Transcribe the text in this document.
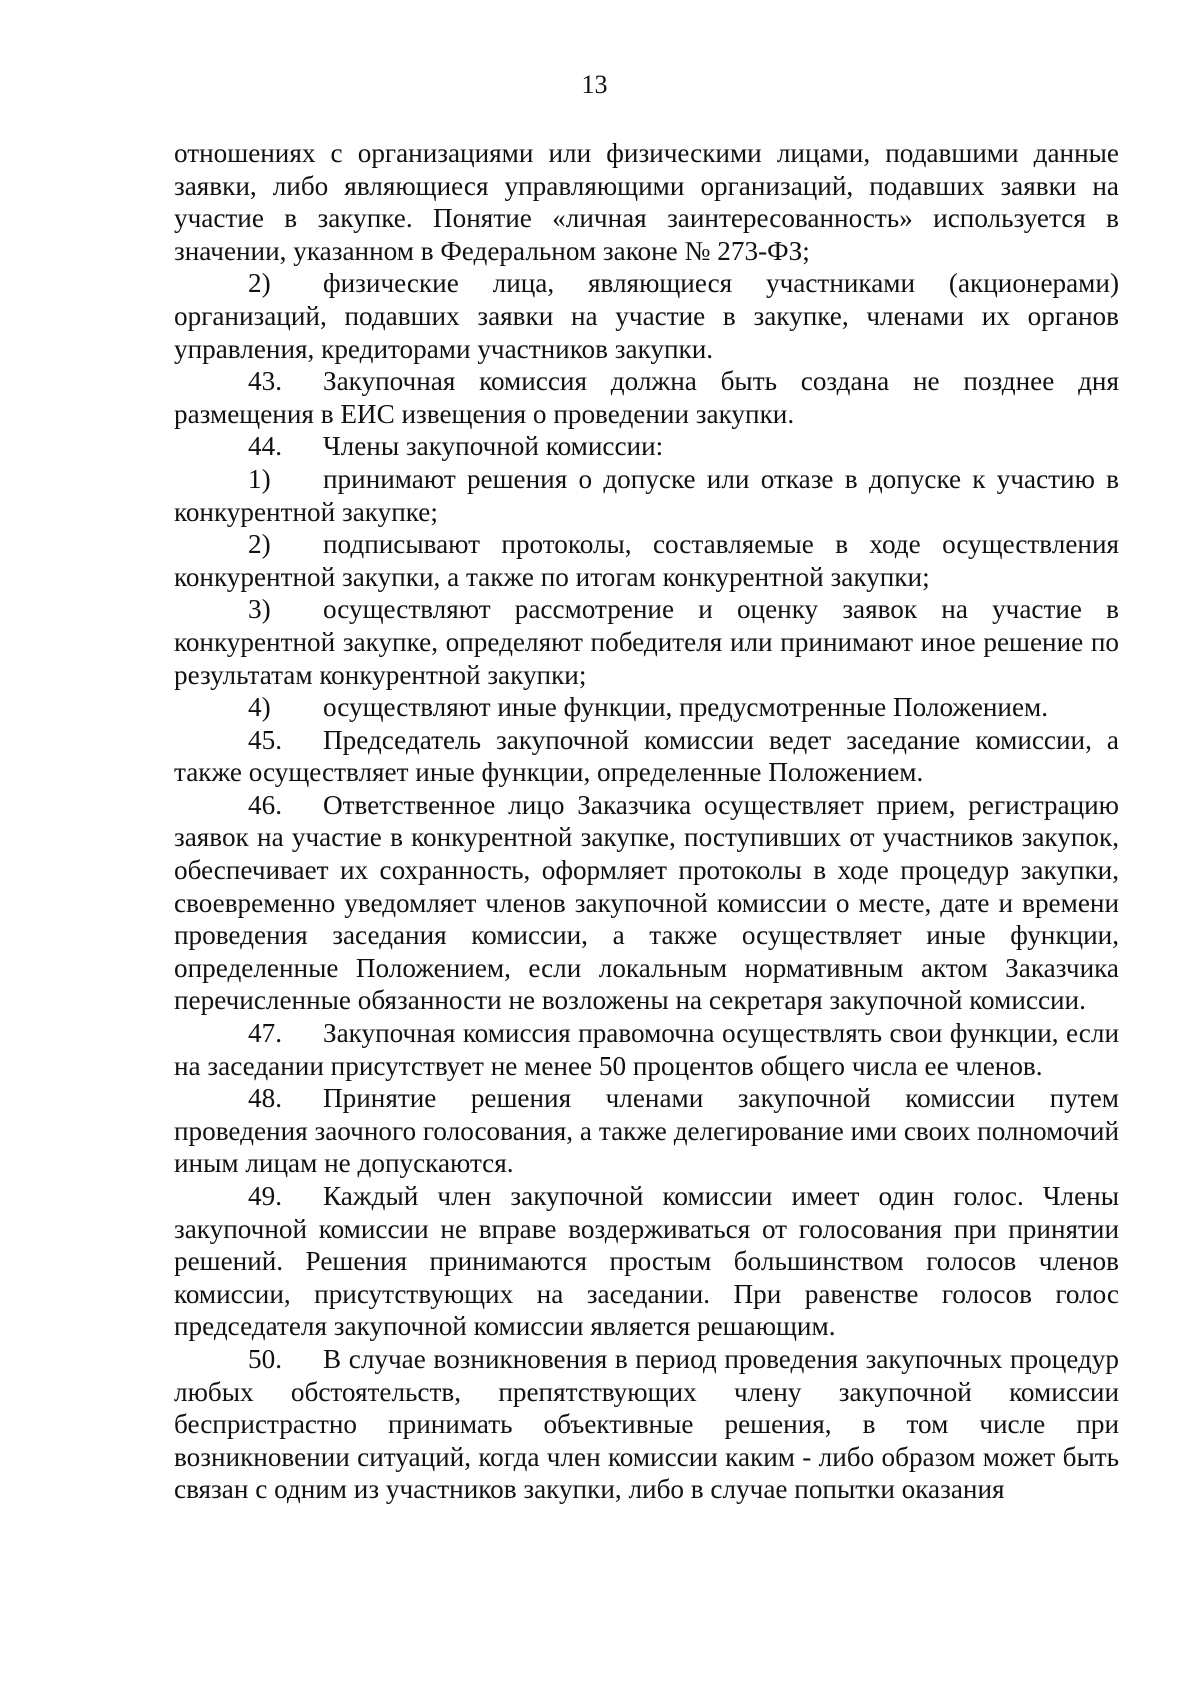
13

отношениях с организациями или физическими лицами, подавшими данные заявки, либо являющиеся управляющими организаций, подавших заявки на участие в закупке. Понятие «личная заинтересованность» используется в значении, указанном в Федеральном законе № 273-ФЗ;

2) физические лица, являющиеся участниками (акционерами) организаций, подавших заявки на участие в закупке, членами их органов управления, кредиторами участников закупки.

43. Закупочная комиссия должна быть создана не позднее дня размещения в ЕИС извещения о проведении закупки.

44. Члены закупочной комиссии:

1) принимают решения о допуске или отказе в допуске к участию в конкурентной закупке;

2) подписывают протоколы, составляемые в ходе осуществления конкурентной закупки, а также по итогам конкурентной закупки;

3) осуществляют рассмотрение и оценку заявок на участие в конкурентной закупке, определяют победителя или принимают иное решение по результатам конкурентной закупки;

4) осуществляют иные функции, предусмотренные Положением.

45. Председатель закупочной комиссии ведет заседание комиссии, а также осуществляет иные функции, определенные Положением.

46. Ответственное лицо Заказчика осуществляет прием, регистрацию заявок на участие в конкурентной закупке, поступивших от участников закупок, обеспечивает их сохранность, оформляет протоколы в ходе процедур закупки, своевременно уведомляет членов закупочной комиссии о месте, дате и времени проведения заседания комиссии, а также осуществляет иные функции, определенные Положением, если локальным нормативным актом Заказчика перечисленные обязанности не возложены на секретаря закупочной комиссии.

47. Закупочная комиссия правомочна осуществлять свои функции, если на заседании присутствует не менее 50 процентов общего числа ее членов.

48. Принятие решения членами закупочной комиссии путем проведения заочного голосования, а также делегирование ими своих полномочий иным лицам не допускаются.

49. Каждый член закупочной комиссии имеет один голос. Члены закупочной комиссии не вправе воздерживаться от голосования при принятии решений. Решения принимаются простым большинством голосов членов комиссии, присутствующих на заседании. При равенстве голосов голос председателя закупочной комиссии является решающим.

50. В случае возникновения в период проведения закупочных процедур любых обстоятельств, препятствующих члену закупочной комиссии беспристрастно принимать объективные решения, в том числе при возникновении ситуаций, когда член комиссии каким - либо образом может быть связан с одним из участников закупки, либо в случае попытки оказания
